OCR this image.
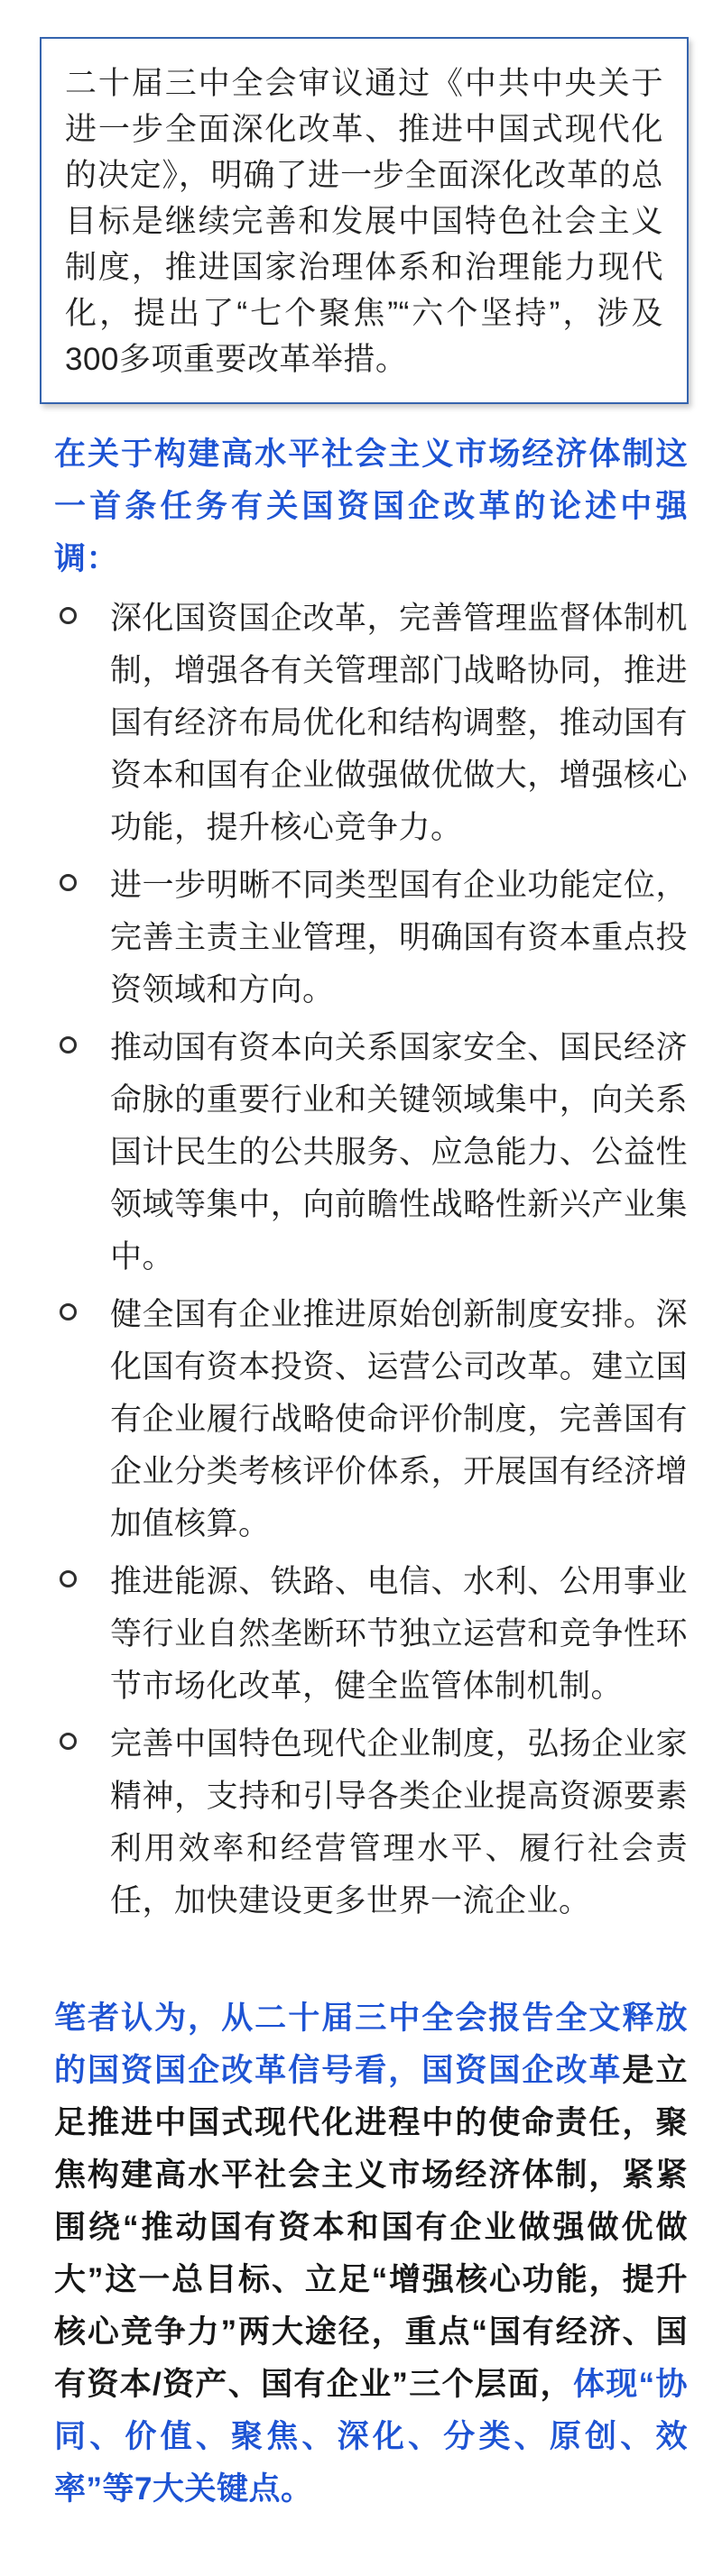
二十届三中全会审议通过《中共中央关于进一步全面深化改革、推进中国式现代化的决定》，明确了进一步全面深化改革的总目标是继续完善和发展中国特色社会主义制度，推进国家治理体系和治理能力现代化，提出了“七个聚焦”“六个坚持”，涉及300多项重要改革举措。

在关于构建高水平社会主义市场经济体制这一首条任务有关国资国企改革的论述中强调：

深化国资国企改革，完善管理监督体制机制，增强各有关管理部门战略协同，推进国有经济布局优化和结构调整，推动国有资本和国有企业做强做优做大，增强核心功能，提升核心竞争力。
进一步明晰不同类型国有企业功能定位，完善主责主业管理，明确国有资本重点投资领域和方向。
推动国有资本向关系国家安全、国民经济命脉的重要行业和关键领域集中，向关系国计民生的公共服务、应急能力、公益性领域等集中，向前瞻性战略性新兴产业集中。
健全国有企业推进原始创新制度安排。深化国有资本投资、运营公司改革。建立国有企业履行战略使命评价制度，完善国有企业分类考核评价体系，开展国有经济增加值核算。
推进能源、铁路、电信、水利、公用事业等行业自然垄断环节独立运营和竞争性环节市场化改革，健全监管体制机制。
完善中国特色现代企业制度，弘扬企业家精神，支持和引导各类企业提高资源要素利用效率和经营管理水平、履行社会责任，加快建设更多世界一流企业。

笔者认为，从二十届三中全会报告全文释放的国资国企改革信号看，国资国企改革是立足推进中国式现代化进程中的使命责任，聚焦构建高水平社会主义市场经济体制，紧紧围绕“推动国有资本和国有企业做强做优做大”这一总目标、立足“增强核心功能，提升核心竞争力”两大途径，重点“国有经济、国有资本/资产、国有企业”三个层面，体现“协同、价值、聚焦、深化、分类、原创、效率”等7大关键点。
